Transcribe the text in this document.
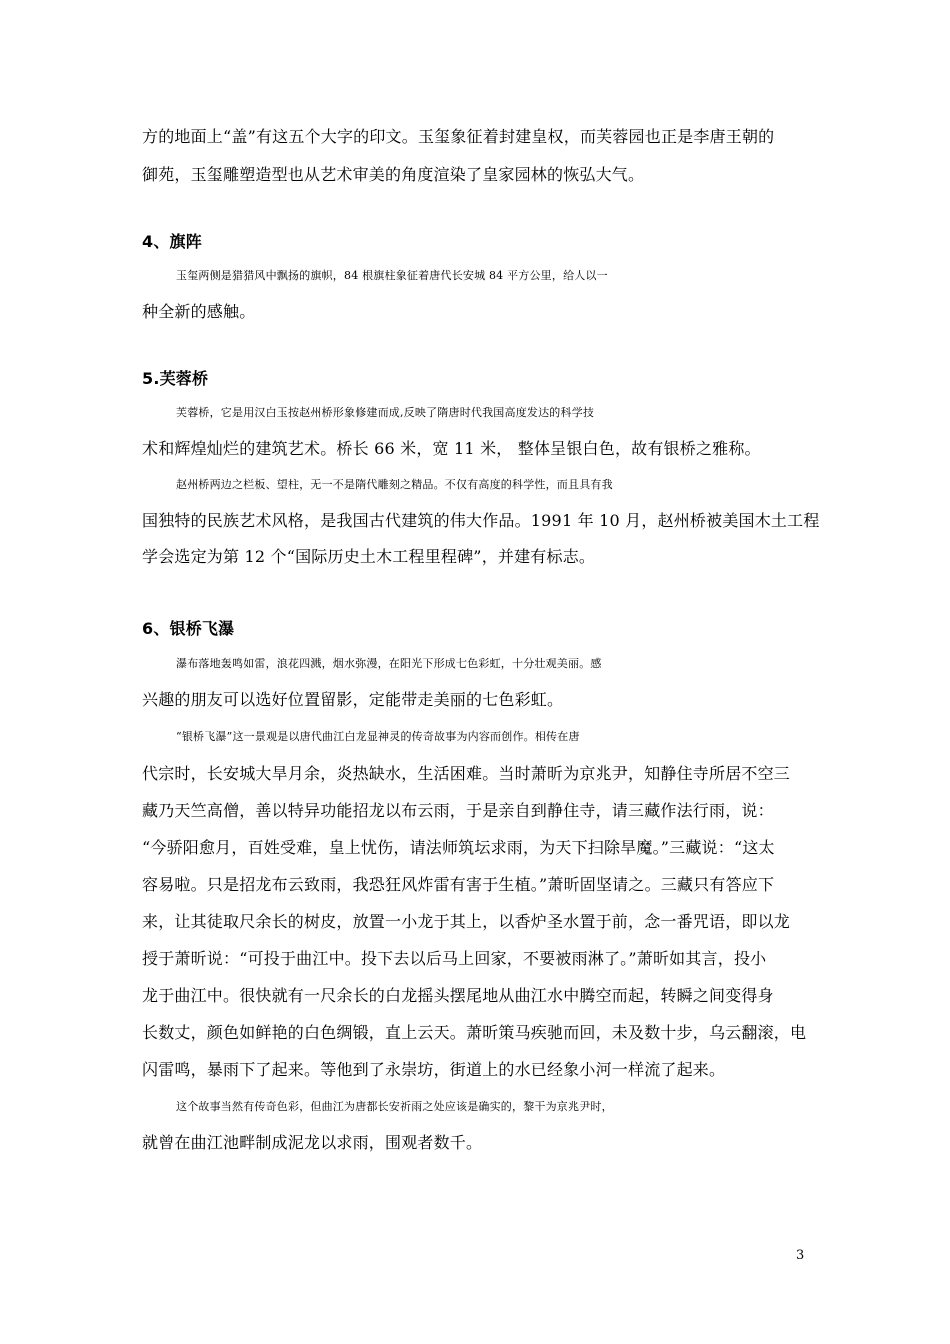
方的地面上“盖”有这五个大字的印文。玉玺象征着封建皇权，而芙蓉园也正是李唐王朝的
御苑，玉玺雕塑造型也从艺术审美的角度渲染了皇家园林的恢弘大气。
4、旗阵
玉玺两侧是猎猎风中飘扬的旗帜，84 根旗柱象征着唐代长安城 84 平方公里，给人以一
种全新的感触。
5.芙蓉桥
芙蓉桥，它是用汉白玉按赵州桥形象修建而成,反映了隋唐时代我国高度发达的科学技
术和辉煌灿烂的建筑艺术。桥长 66 米，宽 11 米， 整体呈银白色，故有银桥之雅称。
赵州桥两边之栏板、望柱，无一不是隋代雕刻之精品。不仅有高度的科学性，而且具有我
国独特的民族艺术风格，是我国古代建筑的伟大作品。1991 年 10 月，赵州桥被美国木土工程
学会选定为第 12 个“国际历史土木工程里程碑”，并建有标志。
6、银桥飞瀑
瀑布落地轰鸣如雷，浪花四溅，烟水弥漫，在阳光下形成七色彩虹，十分壮观美丽。感
兴趣的朋友可以选好位置留影，定能带走美丽的七色彩虹。
“银桥飞瀑”这一景观是以唐代曲江白龙显神灵的传奇故事为内容而创作。相传在唐
代宗时，长安城大旱月余，炎热缺水，生活困难。当时萧昕为京兆尹，知静住寺所居不空三
藏乃天竺高僧，善以特异功能招龙以布云雨，于是亲自到静住寺，请三藏作法行雨，说：
“今骄阳愈月，百姓受难，皇上忧伤，请法师筑坛求雨，为天下扫除旱魔。”三藏说：“这太
容易啦。只是招龙布云致雨，我恐狂风炸雷有害于生植。”萧昕固坚请之。三藏只有答应下
来，让其徒取尺余长的树皮，放置一小龙于其上，以香炉圣水置于前，念一番咒语，即以龙
授于萧昕说：“可投于曲江中。投下去以后马上回家，不要被雨淋了。”萧昕如其言，投小
龙于曲江中。很快就有一尺余长的白龙摇头摆尾地从曲江水中腾空而起，转瞬之间变得身
长数丈，颜色如鲜艳的白色绸锻，直上云天。萧昕策马疾驰而回，未及数十步，乌云翻滚，电
闪雷鸣，暴雨下了起来。等他到了永崇坊，街道上的水已经象小河一样流了起来。
这个故事当然有传奇色彩，但曲江为唐都长安祈雨之处应该是确实的，黎干为京兆尹时，
就曾在曲江池畔制成泥龙以求雨，围观者数千。
3
